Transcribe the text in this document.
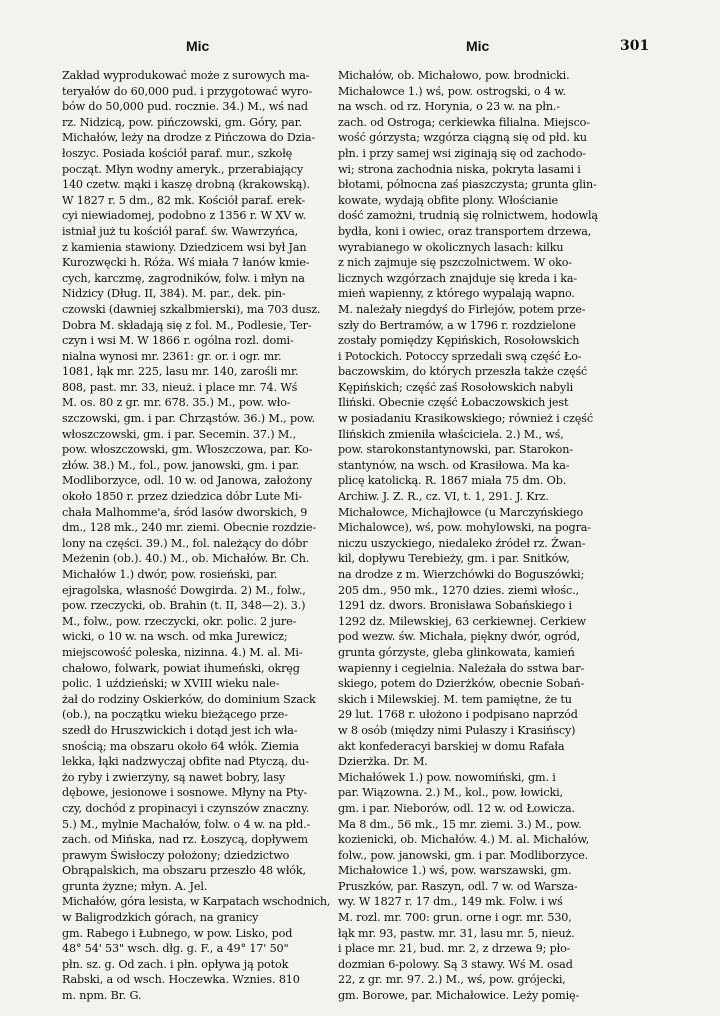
Mic	Mic	301
Zakład wyprodukować może z surowych ma-
teryałów do 60,000 pud. i przygotować wyro-
bów do 50,000 pud. rocznie. 34.) M., wś nad
rz. Nidzicą, pow. pińczowski, gm. Góry, par.
Michałów, leży na drodze z Pińczowa do Dzia-
łoszyc. Posiada kościół paraf. mur., szkołę
począt. Młyn wodny ameryk., przerabiający
140 czetw. mąki i kaszę drobną (krakowską).
W 1827 r. 5 dm., 82 mk. Kościół paraf. erek-
cyi niewiadomej, podobno z 1356 r. W XV w.
istniał już tu kościół paraf. św. Wawrzyńca,
z kamienia stawiony. Dziedzicem wsi był Jan
Kurozwęcki h. Róża. Wś miała 7 łanów kmie-
cych, karczmę, zagrodników, folw. i młyn na
Nidzicy (Dług. II, 384). M. par., dek. pin-
czowski (dawniej szkalbmierski), ma 703 dusz.
Dobra M. składają się z fol. M., Podlesie, Ter-
czyn i wsi M. W 1866 r. ogólna rozl. domi-
nialna wynosi mr. 2361: gr. or. i ogr. mr.
1081, łąk mr. 225, lasu mr. 140, zarośli mr.
808, past. mr. 33, nieuż. i place mr. 74. Wś
M. os. 80 z gr. mr. 678. 35.) M., pow. wło-
szczowski, gm. i par. Chrząstów. 36.) M., pow.
włoszczowski, gm. i par. Secemin. 37.) M.,
pow. włoszczowski, gm. Włoszczowa, par. Ko-
złów. 38.) M., fol., pow. janowski, gm. i par.
Modliborzyce, odl. 10 w. od Janowa, założony
około 1850 r. przez dziedzica dóbr Lute Mi-
chała Malhomme'a, śród lasów dworskich, 9
dm., 128 mk., 240 mr. ziemi. Obecnie rozdzie-
lony na części. 39.) M., fol. należący do dóbr
Meżenin (ob.). 40.) M., ob. Michałów. Br. Ch.
Michałów 1.) dwór, pow. rosieński, par.
ejragolska, własność Dowgirda. 2) M., folw.,
pow. rzeczycki, ob. Brahin (t. II, 348—2). 3.)
M., folw., pow. rzeczycki, okr. polic. 2 jure-
wicki, o 10 w. na wsch. od mka Jurewicz;
miejscowość poleska, nizinna. 4.) M. al. Mi-
chałowo, folwark, powiat ihumeński, okręg
polic. 1 uździeński; w XVIII wieku nale-
żał do rodziny Oskierków, do dominium Szack
(ob.), na początku wieku bieżącego prze-
szedł do Hruszwickich i dotąd jest ich wła-
snością; ma obszaru około 64 włók. Ziemia
lekka, łąki nadzwyczaj obfite nad Ptyczą, du-
żo ryby i zwierzyny, są nawet bobry, lasy
dębowe, jesionowe i sosnowe. Młyny na Pty-
czy, dochód z propinacyi i czynszów znaczny.
5.) M., mylnie Machałów, folw. o 4 w. na płd.-
zach. od Mińska, nad rz. Łoszycą, dopływem
prawym Świsłoczy położony; dziedzictwo
Obrąpalskich, ma obszaru przeszło 48 włók,
grunta żyzne; młyn. A. Jel.
Michałów, góra lesista, w Karpatach wschodnich,
w Baligrodzkich górach, na granicy
gm. Rabego i Łubnego, w pow. Lisko, pod
48° 54' 53" wsch. dłg. g. F., a 49° 17' 50"
płn. sz. g. Od zach. i płn. opływa ją potok
Rabski, a od wsch. Hoczewka. Wznies. 810
m. npm. Br. G.
Michałów, ob. Michałowo, pow. brodnicki.
Michałowce 1.) wś, pow. ostrogski, o 4 w.
na wsch. od rz. Horynia, o 23 w. na płn.-
zach. od Ostroga; cerkiewka filialna. Miejsco-
wość górzysta; wzgórza ciągną się od płd. ku
płn. i przy samej wsi ziginają się od zachodo-
wi; strona zachodnia niska, pokryta lasami i
błotami, północna zaś piaszczysta; grunta glin-
kowate, wydają obfite plony. Włościanie
dość zamożni, trudnią się rolnictwem, hodowlą
bydła, koni i owiec, oraz transportem drzewa,
wyrabianego w okolicznych lasach: kilku
z nich zajmuje się pszczolnictwem. W oko-
licznych wzgórzach znajduje się kreda i ka-
mień wapienny, z którego wypalają wapno.
M. należały niegdyś do Firlejów, potem prze-
szły do Bertramów, a w 1796 r. rozdzielone
zostały pomiędzy Kępińskich, Rosołowskich
i Potockich. Potoccy sprzedali swą część Ło-
baczowskim, do których przeszła także część
Kępińskich; część zaś Rosołowskich nabyli
Iliński. Obecnie część Łobaczowskich jest
w posiadaniu Krasikowskiego; również i część
Ilińskich zmieniła właściciela. 2.) M., wś,
pow. starokonstantynowski, par. Starokon-
stantynów, na wsch. od Krasiłowa. Ma ka-
plicę katolicką. R. 1867 miała 75 dm. Ob.
Archiw. J. Z. R., cz. VI, t. 1, 291. J. Krz.
Michałowce, Michajłowce (u Marczyńskiego
Michalowce), wś, pow. mohylowski, na pogra-
niczu uszyckiego, niedaleko źródeł rz. Żwan-
kil, dopływu Terebieży, gm. i par. Snitków,
na drodze z m. Wierzchówki do Boguszówki;
205 dm., 950 mk., 1270 dzies. ziemi włośc.,
1291 dz. dwors. Bronisława Sobańskiego i
1292 dz. Milewskiej, 63 cerkiewnej. Cerkiew
pod wezw. św. Michała, piękny dwór, ogród,
grunta górzyste, gleba glinkowata, kamień
wapienny i cegielnia. Należała do sstwa bar-
skiego, potem do Dzierżków, obecnie Sobań-
skich i Milewskiej. M. tem pamiętne, że tu
29 lut. 1768 r. ułożono i podpisano naprzód
w 8 osób (między nimi Pułaszy i Krasińscy)
akt konfederacyi barskiej w domu Rafała
Dzierżka. Dr. M.
Michałówek 1.) pow. nowomiński, gm. i
par. Wiązowna. 2.) M., kol., pow. łowicki,
gm. i par. Nieborów, odl. 12 w. od Łowicza.
Ma 8 dm., 56 mk., 15 mr. ziemi. 3.) M., pow.
kozienicki, ob. Michałów. 4.) M. al. Michałów,
folw., pow. janowski, gm. i par. Modliborzyce.
Michałowice 1.) wś, pow. warszawski, gm.
Pruszków, par. Raszyn, odl. 7 w. od Warsza-
wy. W 1827 r. 17 dm., 149 mk. Folw. i wś
M. rozl. mr. 700: grun. orne i ogr. mr. 530,
łąk mr. 93, pastw. mr. 31, lasu mr. 5, nieuż.
i place mr. 21, bud. mr. 2, z drzewa 9; pło-
dozmian 6-polowy. Są 3 stawy. Wś M. osad
22, z gr. mr. 97. 2.) M., wś, pow. grójecki,
gm. Borowe, par. Michałowice. Leży pomię-
